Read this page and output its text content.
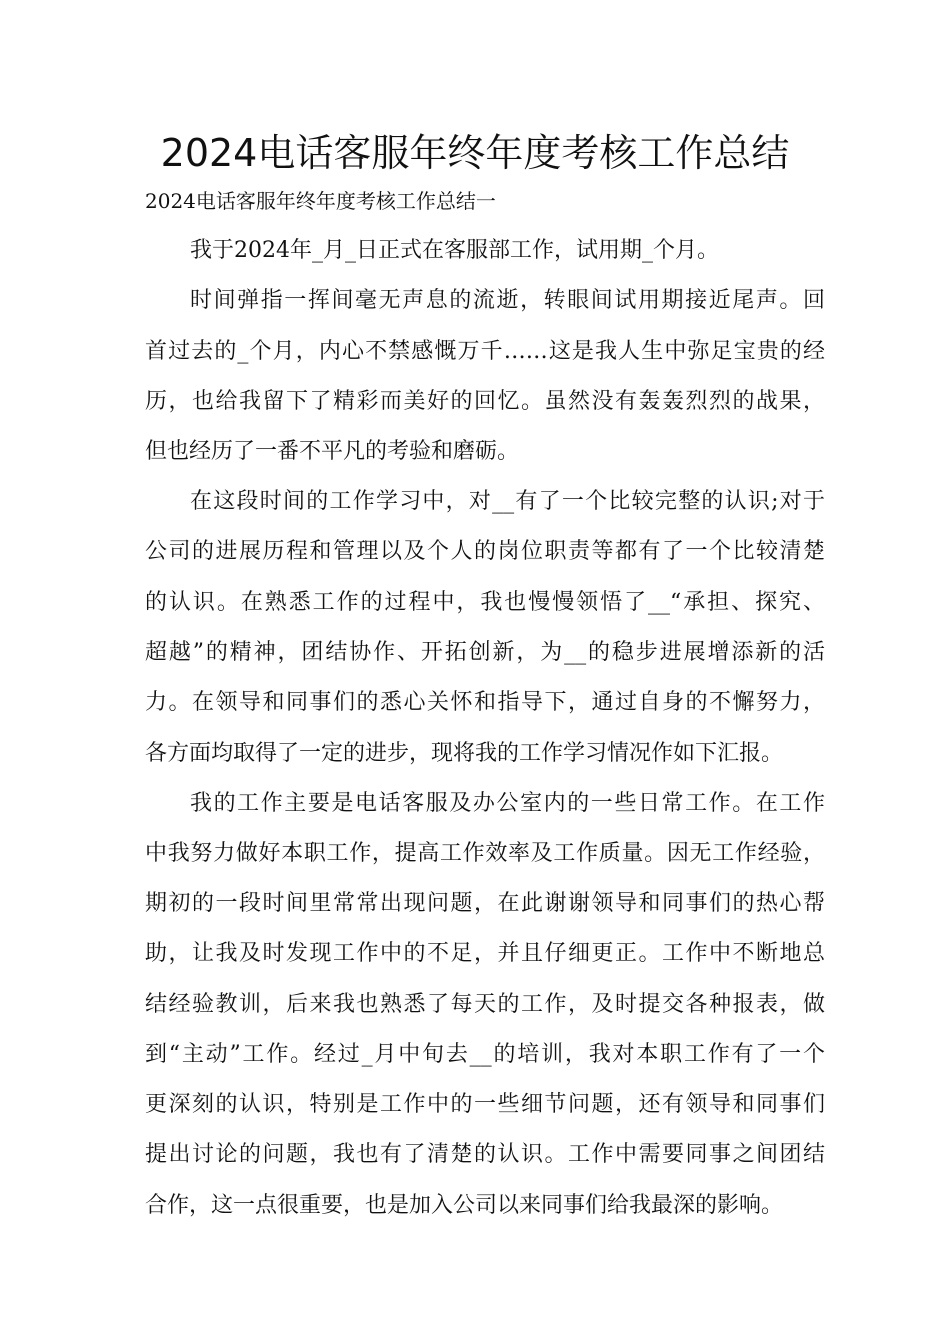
2024电话客服年终年度考核工作总结

2024电话客服年终年度考核工作总结一

我于2024年_月_日正式在客服部工作，试用期_个月。

时间弹指一挥间毫无声息的流逝，转眼间试用期接近尾声。回

首过去的_个月，内心不禁感慨万千……这是我人生中弥足宝贵的经

历，也给我留下了精彩而美好的回忆。虽然没有轰轰烈烈的战果，

但也经历了一番不平凡的考验和磨砺。

在这段时间的工作学习中，对__有了一个比较完整的认识;对于

公司的进展历程和管理以及个人的岗位职责等都有了一个比较清楚

的认识。在熟悉工作的过程中，我也慢慢领悟了__“承担、探究、

超越”的精神，团结协作、开拓创新，为__的稳步进展增添新的活

力。在领导和同事们的悉心关怀和指导下，通过自身的不懈努力，

各方面均取得了一定的进步，现将我的工作学习情况作如下汇报。

我的工作主要是电话客服及办公室内的一些日常工作。在工作

中我努力做好本职工作，提高工作效率及工作质量。因无工作经验，

期初的一段时间里常常出现问题，在此谢谢领导和同事们的热心帮

助，让我及时发现工作中的不足，并且仔细更正。工作中不断地总

结经验教训，后来我也熟悉了每天的工作，及时提交各种报表，做

到“主动”工作。经过_月中旬去__的培训，我对本职工作有了一个

更深刻的认识，特别是工作中的一些细节问题，还有领导和同事们

提出讨论的问题，我也有了清楚的认识。工作中需要同事之间团结

合作，这一点很重要，也是加入公司以来同事们给我最深的影响。
